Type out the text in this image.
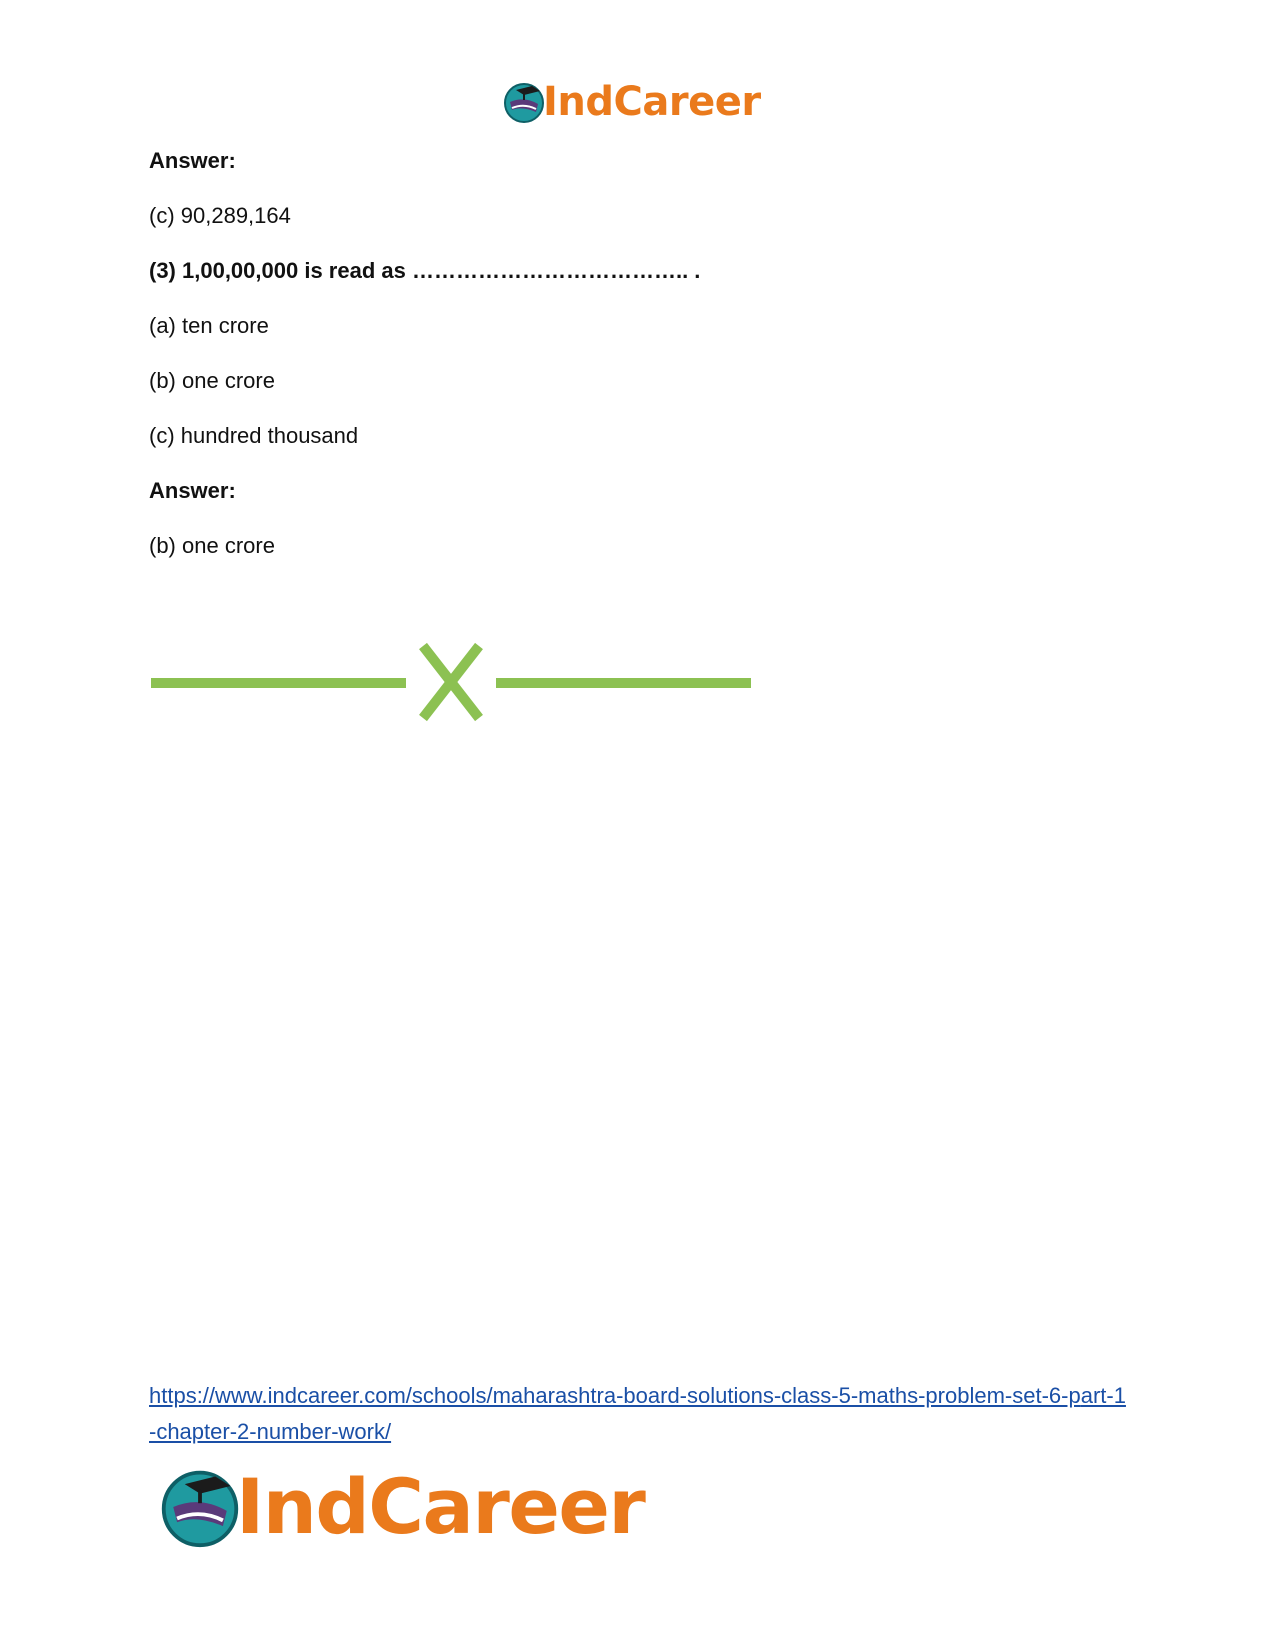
IndCareer
Answer:
(c) 90,289,164
(3) 1,00,00,000 is read as ……………………………….. .
(a) ten crore
(b) one crore
(c) hundred thousand
Answer:
(b) one crore
https://www.indcareer.com/schools/maharashtra-board-solutions-class-5-maths-problem-set-6-part-1-chapter-2-number-work/
IndCareer
